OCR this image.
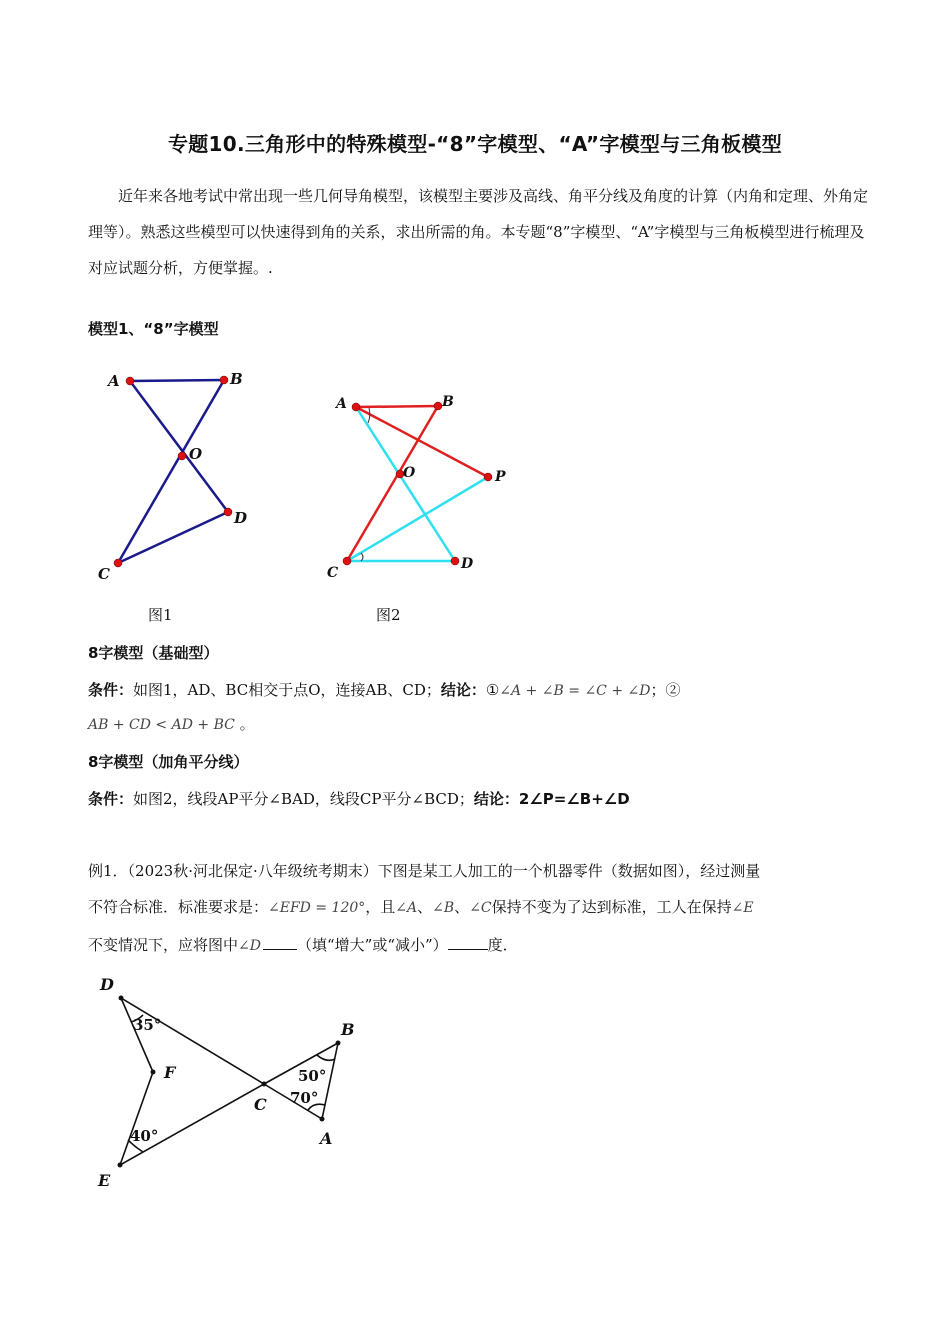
专题10.三角形中的特殊模型-“8”字模型、“A”字模型与三角板模型
近年来各地考试中常出现一些几何导角模型，该模型主要涉及高线、角平分线及角度的计算（内角和定理、外角定理等）。熟悉这些模型可以快速得到角的关系，求出所需的角。本专题“8”字模型、“A”字模型与三角板模型进行梳理及对应试题分析，方便掌握。.
模型1、“8”字模型
A	B
O
D
C
图1
A	B
O	P
C
D
图2
8字模型（基础型）
条件：如图1，AD、BC相交于点O，连接AB、CD；结论：①∠A + ∠B = ∠C + ∠D；②
AB + CD < AD + BC 。
8字模型（加角平分线）
条件：如图2，线段AP平分∠BAD，线段CP平分∠BCD；结论：2∠P=∠B+∠D
例1．（2023秋·河北保定·八年级统考期末）下图是某工人加工的一个机器零件（数据如图），经过测量
不符合标准．标准要求是：∠EFD = 120°，且∠A、∠B、∠C保持不变为了达到标准，工人在保持∠E
不变情况下，应将图中∠D （填“增大”或“减小”）	度．
D
F
C
E
B
A
35°
40°
50°
70°
